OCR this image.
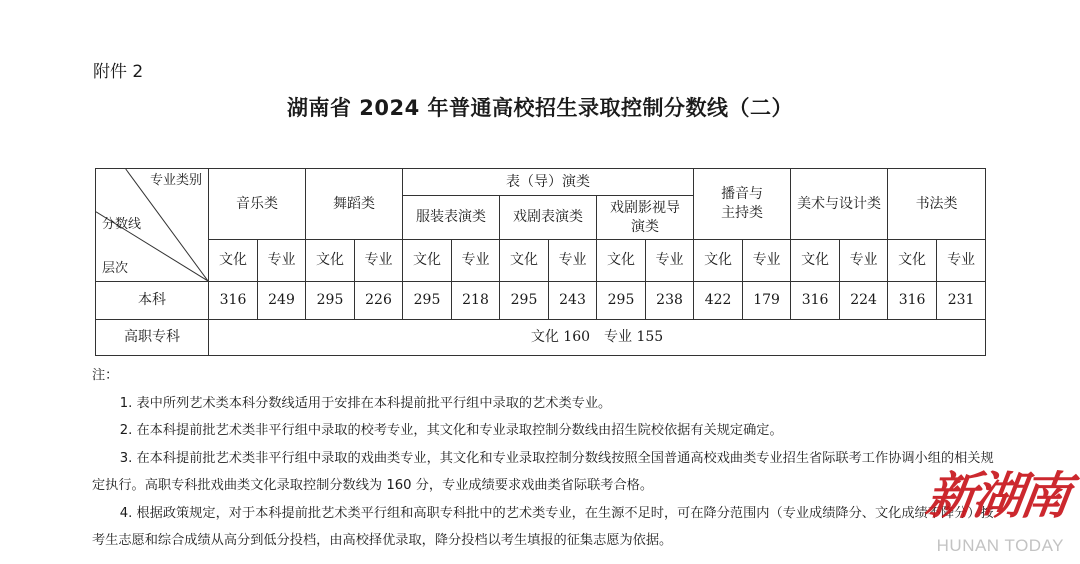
附件 2
湖南省 2024 年普通高校招生录取控制分数线（二）
专业类别
分数线
层次	音乐类		舞蹈类		表（导）演类						播音与主持类		美术与设计类		书法类	
					服装表演类		戏剧表演类		戏剧影视导演类							
	文化	专业	文化	专业	文化	专业	文化	专业	文化	专业	文化	专业	文化	专业	文化	专业
本科	316	249	295	226	295	218	295	243	295	238	422	179	316	224	316	231
高职专科	文化 160　专业 155															

注：

1. 表中所列艺术类本科分数线适用于安排在本科提前批平行组中录取的艺术类专业。

2. 在本科提前批艺术类非平行组中录取的校考专业，其文化和专业录取控制分数线由招生院校依据有关规定确定。

3. 在本科提前批艺术类非平行组中录取的戏曲类专业，其文化和专业录取控制分数线按照全国普通高校戏曲类专业招生省际联考工作协调小组的相关规定执行。高职专科批戏曲类文化录取控制分数线为 160 分，专业成绩要求戏曲类省际联考合格。

4. 根据政策规定，对于本科提前批艺术类平行组和高职专科批中的艺术类专业，在生源不足时，可在降分范围内（专业成绩降分、文化成绩不降分）按考生志愿和综合成绩从高分到低分投档，由高校择优录取，降分投档以考生填报的征集志愿为依据。

新湖南
HUNAN TODAY
